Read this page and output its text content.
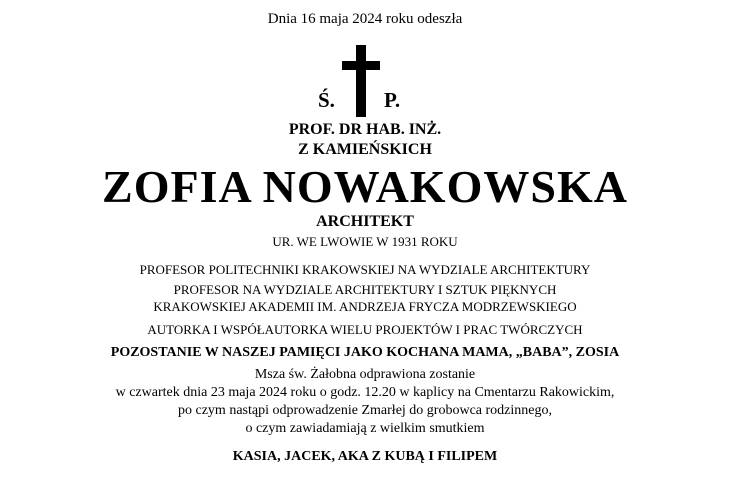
Dnia 16 maja 2024 roku odeszła
Ś. P.
PROF. DR HAB. INŻ.
Z KAMIEŃSKICH
ZOFIA NOWAKOWSKA
ARCHITEKT
UR. WE LWOWIE W 1931 ROKU
PROFESOR POLITECHNIKI KRAKOWSKIEJ NA WYDZIALE ARCHITEKTURY
PROFESOR NA WYDZIALE ARCHITEKTURY I SZTUK PIĘKNYCH
KRAKOWSKIEJ AKADEMII IM. ANDRZEJA FRYCZA MODRZEWSKIEGO
AUTORKA I WSPÓŁAUTORKA WIELU PROJEKTÓW I PRAC TWÓRCZYCH
POZOSTANIE W NASZEJ PAMIĘCI JAKO KOCHANA MAMA, „BABA”, ZOSIA
Msza św. Żałobna odprawiona zostanie
w czwartek dnia 23 maja 2024 roku o godz. 12.20 w kaplicy na Cmentarzu Rakowickim,
po czym nastąpi odprowadzenie Zmarłej do grobowca rodzinnego,
o czym zawiadamiają z wielkim smutkiem
KASIA, JACEK, AKA Z KUBĄ I FILIPEM
